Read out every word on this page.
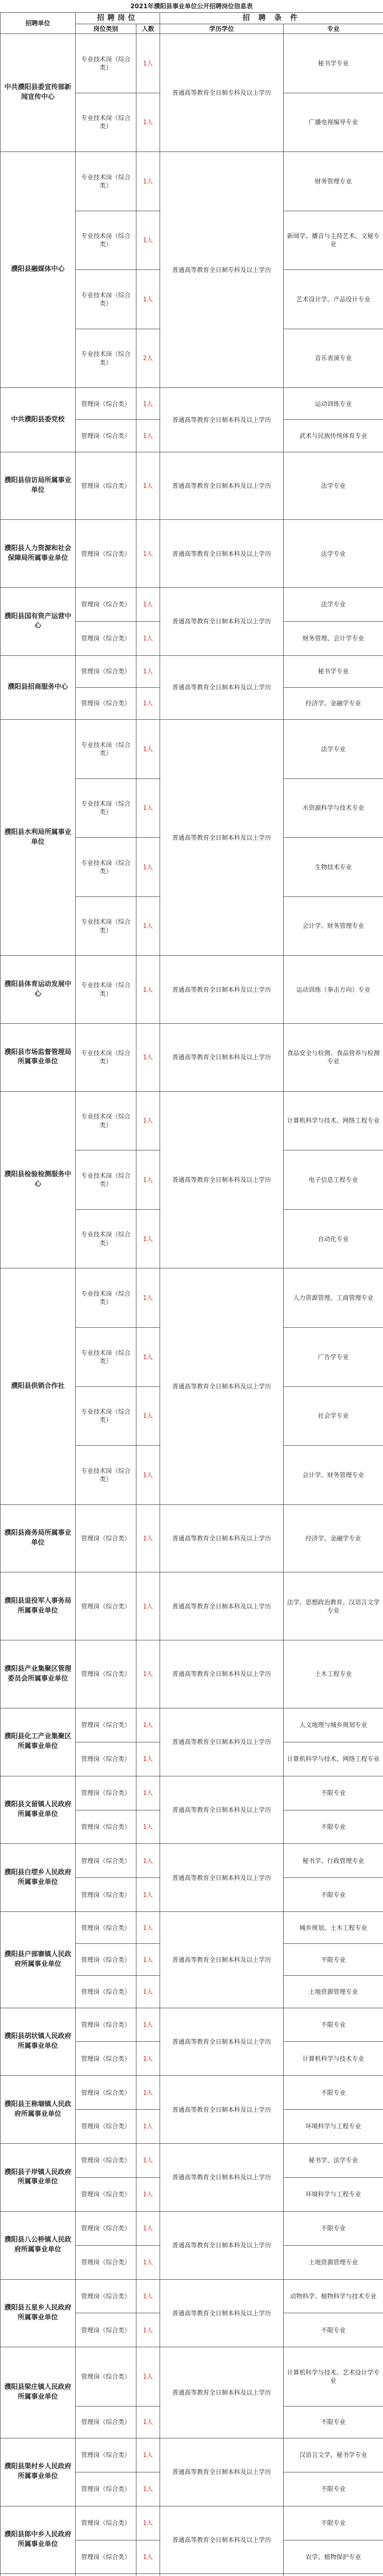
2021年濮阳县事业单位公开招聘岗位信息表
招聘单位	招聘岗位		招 聘 条 件	
	岗位类别	人数	学历学位	专业
中共濮阳县委宣传部新闻宣传中心	专业技术岗（综合类）	1人	普通高等教育全日制专科及以上学历	秘书学专业
	专业技术岗（综合类）	1人		广播电视编导专业
濮阳县融媒体中心	专业技术岗（综合类）	1人	普通高等教育全日制专科及以上学历	财务管理专业
	专业技术岗（综合类）	1人		新闻学、播音与主持艺术、文秘专业
	专业技术岗（综合类）	1人		艺术设计学、产品设计专业
	专业技术岗（综合类）	2人		音乐表演专业
中共濮阳县委党校	管理岗（综合类）	1人	普通高等教育全日制本科及以上学历	运动训练专业
	管理岗（综合类）	1人		武术与民族传统体育专业
濮阳县信访局所属事业单位	管理岗（综合类）	1人	普通高等教育全日制本科及以上学历	法学专业
濮阳县人力资源和社会保障局所属事业单位	管理岗（综合类）	1人	普通高等教育全日制本科及以上学历	法学专业
濮阳县国有资产运营中心	管理岗（综合类）	1人	普通高等教育全日制本科及以上学历	法学专业
	管理岗（综合类）	1人		财务管理、会计学专业
濮阳县招商服务中心	管理岗（综合类）	1人	普通高等教育全日制本科及以上学历	秘书学专业
	管理岗（综合类）	1人		经济学、金融学专业
濮阳县水利局所属事业单位	专业技术岗（综合类）	1人	普通高等教育全日制本科及以上学历	法学专业
	专业技术岗（综合类）	1人		水资源科学与技术专业
	专业技术岗（综合类）	1人		生物技术专业
	专业技术岗（综合类）	1人		会计学、财务管理专业
濮阳县体育运动发展中心	专业技术岗（综合类）	1人	普通高等教育全日制本科及以上学历	运动训练（拳击方向）专业
濮阳县市场监督管理局所属事业单位	专业技术岗（综合类）	1人	普通高等教育全日制本科及以上学历	食品安全与检测、食品营养与检测专业
濮阳县检验检测服务中心	专业技术岗（综合类）	1人	普通高等教育全日制本科及以上学历	计算机科学与技术、网络工程专业
	专业技术岗（综合类）	1人		电子信息工程专业
	专业技术岗（综合类）	1人		自动化专业
濮阳县供销合作社	专业技术岗（综合类）	1人	普通高等教育全日制本科及以上学历	人力资源管理、工商管理专业
	专业技术岗（综合类）	1人		广告学专业
	专业技术岗（综合类）	1人		社会学专业
	专业技术岗（综合类）	1人		会计学、财务管理专业
濮阳县商务局所属事业单位	管理岗（综合类）	1人	普通高等教育全日制本科及以上学历	经济学、金融学专业
濮阳县退役军人事务局所属事业单位	管理岗（综合类）	1人	普通高等教育全日制本科及以上学历	法学、思想政治教育、汉语言文学专业
濮阳县产业集聚区管理委员会所属事业单位	管理岗（综合类）	1人	普通高等教育全日制本科及以上学历	土木工程专业
濮阳县化工产业集聚区所属事业单位	管理岗（综合类）	1人	普通高等教育全日制本科及以上学历	人文地理与城乡规划专业
	管理岗（综合类）	1人		计算机科学与技术、网络工程专业
濮阳县文留镇人民政府所属事业单位	管理岗（综合类）	1人	普通高等教育全日制本科及以上学历	不限专业
	管理岗（综合类）	1人		不限专业
濮阳县白堽乡人民政府所属事业单位	管理岗（综合类）	1人	普通高等教育全日制本科及以上学历	秘书学、行政管理专业
	管理岗（综合类）	1人		不限专业
濮阳县户部寨镇人民政府所属事业单位	管理岗（综合类）	1人	普通高等教育全日制本科及以上学历	城乡规划、土木工程专业
	管理岗（综合类）	1人		不限专业
	管理岗（综合类）	1人		土地资源管理专业
濮阳县胡状镇人民政府所属事业单位	管理岗（综合类）	1人	普通高等教育全日制本科及以上学历	不限专业
	管理岗（综合类）	1人		计算机科学与技术专业
濮阳县王称堌镇人民政府所属事业单位	管理岗（综合类）	1人	普通高等教育全日制本科及以上学历	不限专业
	管理岗（综合类）	1人		环境科学与工程专业
濮阳县子岸镇人民政府所属事业单位	管理岗（综合类）	1人	普通高等教育全日制本科及以上学历	秘书学、法学专业
	管理岗（综合类）	1人		环境科学与工程专业
濮阳县八公桥镇人民政府所属事业单位	管理岗（综合类）	1人	普通高等教育全日制本科及以上学历	不限专业
	管理岗（综合类）	1人		土地资源管理专业
濮阳县五星乡人民政府所属事业单位	管理岗（综合类）	1人	普通高等教育全日制本科及以上学历	动物科学、植物科学与技术专业
	管理岗（综合类）	1人		不限专业
濮阳县梁庄镇人民政府所属事业单位	管理岗（综合类）	1人	普通高等教育全日制本科及以上学历	计算机科学与技术、艺术设计学专业
	管理岗（综合类）	1人		不限专业
濮阳县渠村乡人民政府所属事业单位	管理岗（综合类）	1人	普通高等教育全日制本科及以上学历	汉语言文学、秘书学专业
	管理岗（综合类）	1人		不限专业
濮阳县郎中乡人民政府所属事业单位	管理岗（综合类）	1人	普通高等教育全日制本科及以上学历	不限专业
	管理岗（综合类）	1人		农学、植物保护专业
